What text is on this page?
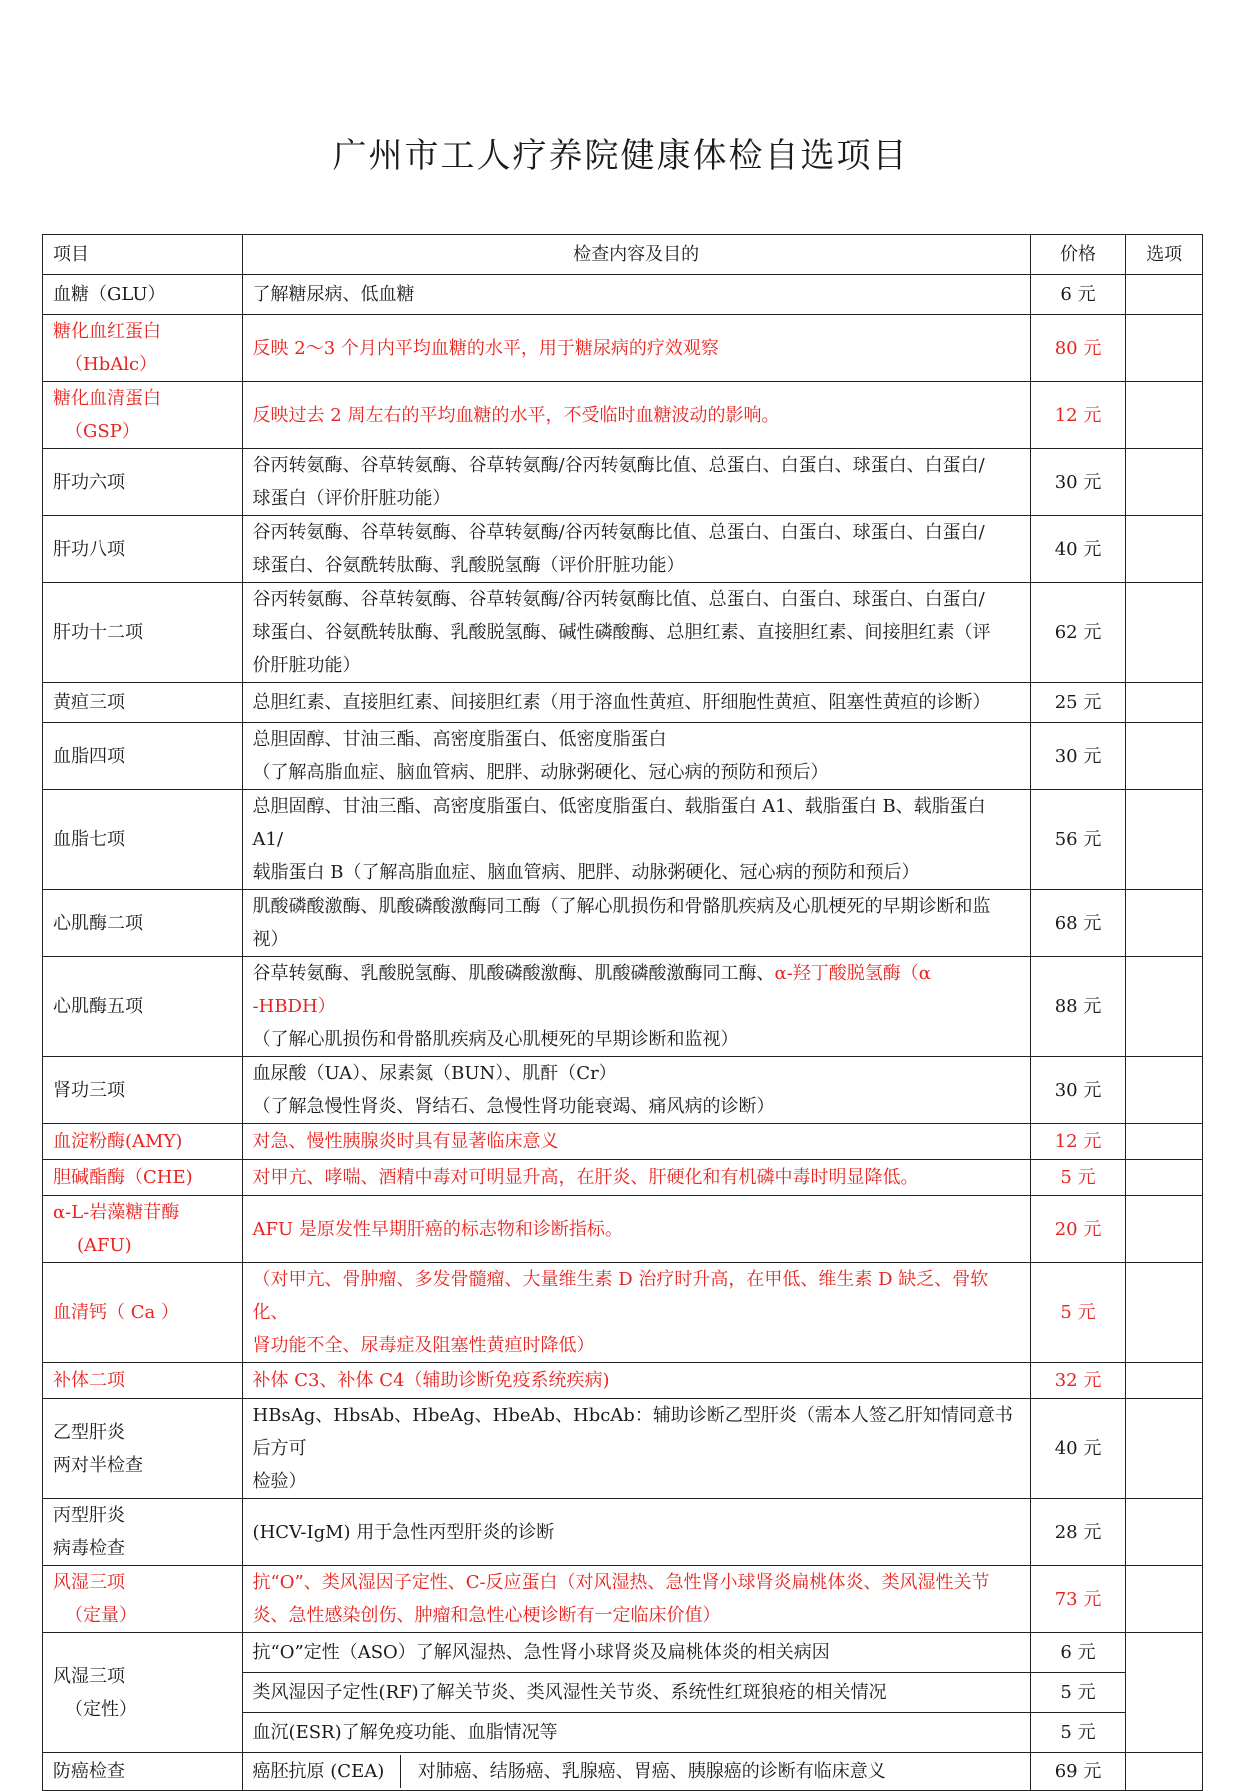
广州市工人疗养院健康体检自选项目
项目	检查内容及目的	价格	选项
血糖（GLU）	了解糖尿病、低血糖	6 元	

糖化血红蛋白
（HbAlc）	反映 2～3 个月内平均血糖的水平，用于糖尿病的疗效观察	80 元	

糖化血清蛋白
（GSP）	反映过去 2 周左右的平均血糖的水平，不受临时血糖波动的影响。	12 元	
肝功六项	谷丙转氨酶、谷草转氨酶、谷草转氨酶/谷丙转氨酶比值、总蛋白、白蛋白、球蛋白、白蛋白/
球蛋白（评价肝脏功能）	30 元	
肝功八项	谷丙转氨酶、谷草转氨酶、谷草转氨酶/谷丙转氨酶比值、总蛋白、白蛋白、球蛋白、白蛋白/
球蛋白、谷氨酰转肽酶、乳酸脱氢酶（评价肝脏功能）	40 元	
肝功十二项	谷丙转氨酶、谷草转氨酶、谷草转氨酶/谷丙转氨酶比值、总蛋白、白蛋白、球蛋白、白蛋白/
球蛋白、谷氨酰转肽酶、乳酸脱氢酶、碱性磷酸酶、总胆红素、直接胆红素、间接胆红素（评
价肝脏功能）	62 元	
黄疸三项	总胆红素、直接胆红素、间接胆红素（用于溶血性黄疸、肝细胞性黄疸、阻塞性黄疸的诊断）	25 元	
血脂四项	总胆固醇、甘油三酯、高密度脂蛋白、低密度脂蛋白
（了解高脂血症、脑血管病、肥胖、动脉粥硬化、冠心病的预防和预后）	30 元	
血脂七项	总胆固醇、甘油三酯、高密度脂蛋白、低密度脂蛋白、载脂蛋白 A1、载脂蛋白 B、载脂蛋白 A1/
载脂蛋白 B（了解高脂血症、脑血管病、肥胖、动脉粥硬化、冠心病的预防和预后）	56 元	
心肌酶二项	肌酸磷酸激酶、肌酸磷酸激酶同工酶（了解心肌损伤和骨骼肌疾病及心肌梗死的早期诊断和监
视）	68 元	
心肌酶五项	谷草转氨酶、乳酸脱氢酶、肌酸磷酸激酶、肌酸磷酸激酶同工酶、α-羟丁酸脱氢酶（α
-HBDH）
（了解心肌损伤和骨骼肌疾病及心肌梗死的早期诊断和监视）	88 元	
肾功三项	血尿酸（UA）、尿素氮（BUN）、肌酐（Cr）
（了解急慢性肾炎、肾结石、急慢性肾功能衰竭、痛风病的诊断）	30 元	
血淀粉酶(AMY)	对急、慢性胰腺炎时具有显著临床意义	12 元	
胆碱酯酶（CHE)	对甲亢、哮喘、酒精中毒对可明显升高，在肝炎、肝硬化和有机磷中毒时明显降低。	5 元	

α-L-岩藻糖苷酶
(AFU)	AFU 是原发性早期肝癌的标志物和诊断指标。	20 元	
血清钙（ Ca ）	（对甲亢、骨肿瘤、多发骨髓瘤、大量维生素 D 治疗时升高，在甲低、维生素 D 缺乏、骨软化、
肾功能不全、尿毒症及阻塞性黄疸时降低）	5 元	
补体二项	补体 C3、补体 C4（辅助诊断免疫系统疾病)	32 元	

乙型肝炎
两对半检查	HBsAg、HbsAb、HbeAg、HbeAb、HbcAb：辅助诊断乙型肝炎（需本人签乙肝知情同意书后方可
检验）	40 元	

丙型肝炎
病毒检查	(HCV-IgM) 用于急性丙型肝炎的诊断	28 元	

风湿三项
（定量）	抗“O”、类风湿因子定性、C-反应蛋白（对风湿热、急性肾小球肾炎扁桃体炎、类风湿性关节
炎、急性感染创伤、肿瘤和急性心梗诊断有一定临床价值）	73 元	

风湿三项
（定性）	抗“O”定性（ASO）了解风湿热、急性肾小球肾炎及扁桃体炎的相关病因	6 元	
	类风湿因子定性(RF)了解关节炎、类风湿性关节炎、系统性红斑狼疮的相关情况	5 元	
	血沉(ESR)了解免疫功能、血脂情况等	5 元	
防癌检查	癌胚抗原 (CEA) 对肺癌、结肠癌、乳腺癌、胃癌、胰腺癌的诊断有临床意义	69 元	
